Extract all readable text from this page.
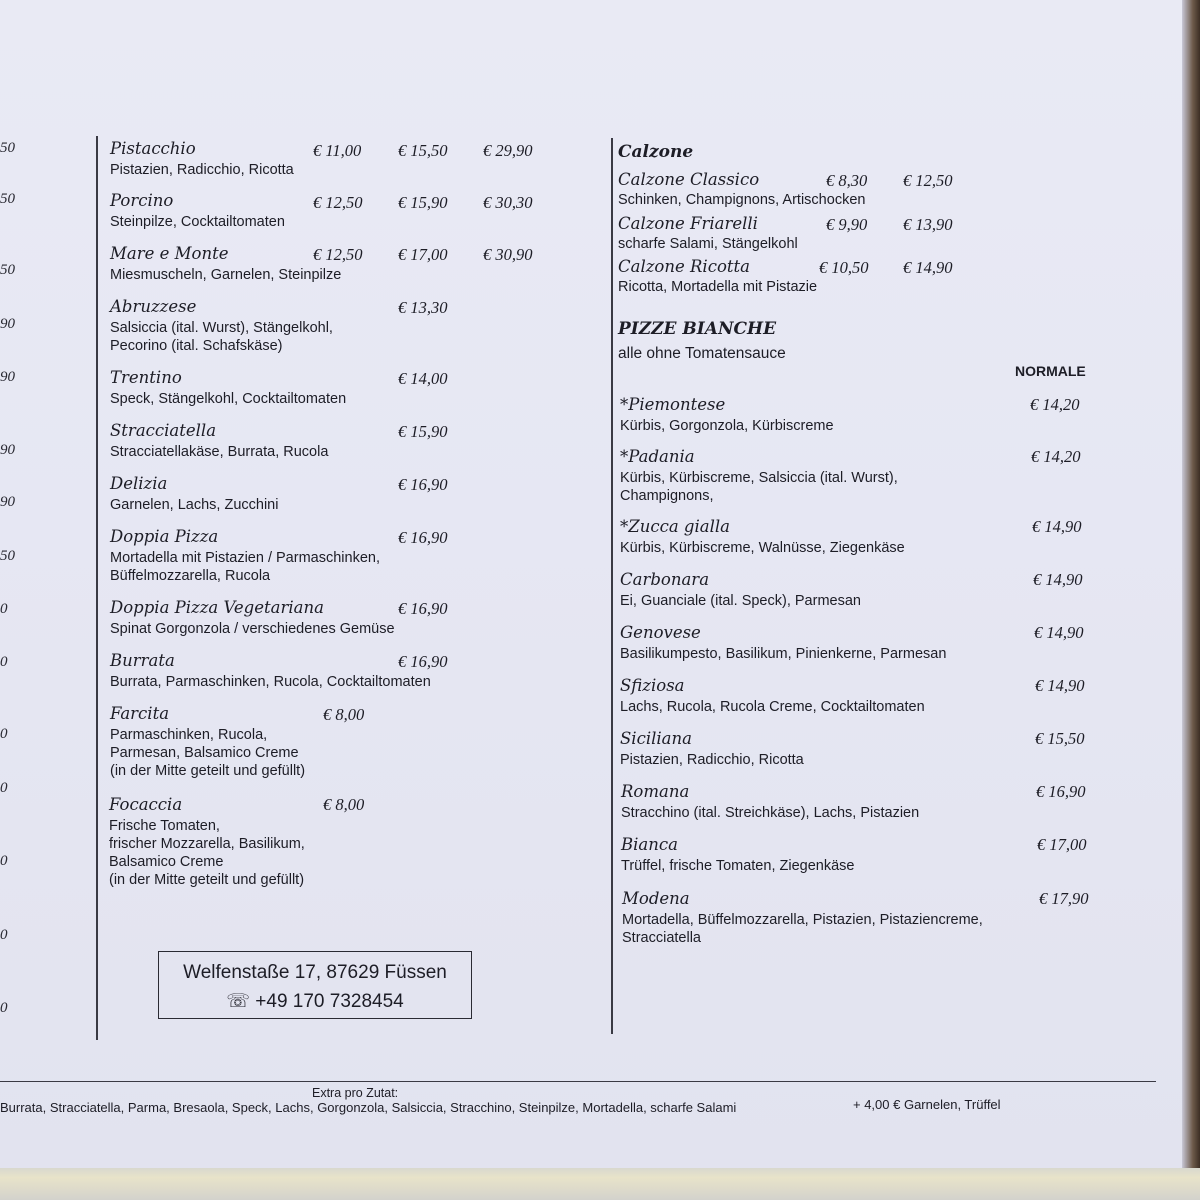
50
50
50
90
90
90
90
50
0
0
0
0
0
0
0
Pistacchio
Pistazien, Radicchio, Ricotta
€ 11,00 € 15,50 € 29,90
Porcino
Steinpilze, Cocktailtomaten
€ 12,50 € 15,90 € 30,30
Mare e Monte
Miesmuscheln, Garnelen, Steinpilze
€ 12,50 € 17,00 € 30,90
Abruzzese
Salsiccia (ital. Wurst), Stängelkohl,
Pecorino (ital. Schafskäse)
€ 13,30
Trentino
Speck, Stängelkohl, Cocktailtomaten
€ 14,00
Stracciatella
Stracciatellakäse, Burrata, Rucola
€ 15,90
Delizia
Garnelen, Lachs, Zucchini
€ 16,90
Doppia Pizza
Mortadella mit Pistazien / Parmaschinken,
Büffelmozzarella, Rucola
€ 16,90
Doppia Pizza Vegetariana
Spinat Gorgonzola / verschiedenes Gemüse
€ 16,90
Burrata
Burrata, Parmaschinken, Rucola, Cocktailtomaten
€ 16,90
Farcita
Parmaschinken, Rucola,
Parmesan, Balsamico Creme
(in der Mitte geteilt und gefüllt)
€ 8,00
Focaccia
Frische Tomaten,
frischer Mozzarella, Basilikum,
Balsamico Creme
(in der Mitte geteilt und gefüllt)
€ 8,00
Welfenstaße 17, 87629 Füssen
☏ +49 170 7328454
Calzone
Calzone Classico
Schinken, Champignons, Artischocken
€ 8,30 € 12,50
Calzone Friarelli
scharfe Salami, Stängelkohl
€ 9,90 € 13,90
Calzone Ricotta
Ricotta, Mortadella mit Pistazie
€ 10,50 € 14,90
PIZZE BIANCHE
alle ohne Tomatensauce
NORMALE
*Piemontese
Kürbis, Gorgonzola, Kürbiscreme
€ 14,20
*Padania
Kürbis, Kürbiscreme, Salsiccia (ital. Wurst),
Champignons,
€ 14,20
*Zucca gialla
Kürbis, Kürbiscreme, Walnüsse, Ziegenkäse
€ 14,90
Carbonara
Ei, Guanciale (ital. Speck), Parmesan
€ 14,90
Genovese
Basilikumpesto, Basilikum, Pinienkerne, Parmesan
€ 14,90
Sfiziosa
Lachs, Rucola, Rucola Creme, Cocktailtomaten
€ 14,90
Siciliana
Pistazien, Radicchio, Ricotta
€ 15,50
Romana
Stracchino (ital. Streichkäse), Lachs, Pistazien
€ 16,90
Bianca
Trüffel, frische Tomaten, Ziegenkäse
€ 17,00
Modena
Mortadella, Büffelmozzarella, Pistazien, Pistaziencreme,
Stracciatella
€ 17,90
Extra pro Zutat:
Burrata, Stracciatella, Parma, Bresaola, Speck, Lachs, Gorgonzola, Salsiccia, Stracchino, Steinpilze, Mortadella, scharfe Salami	+ 4,00 € Garnelen, Trüffel
